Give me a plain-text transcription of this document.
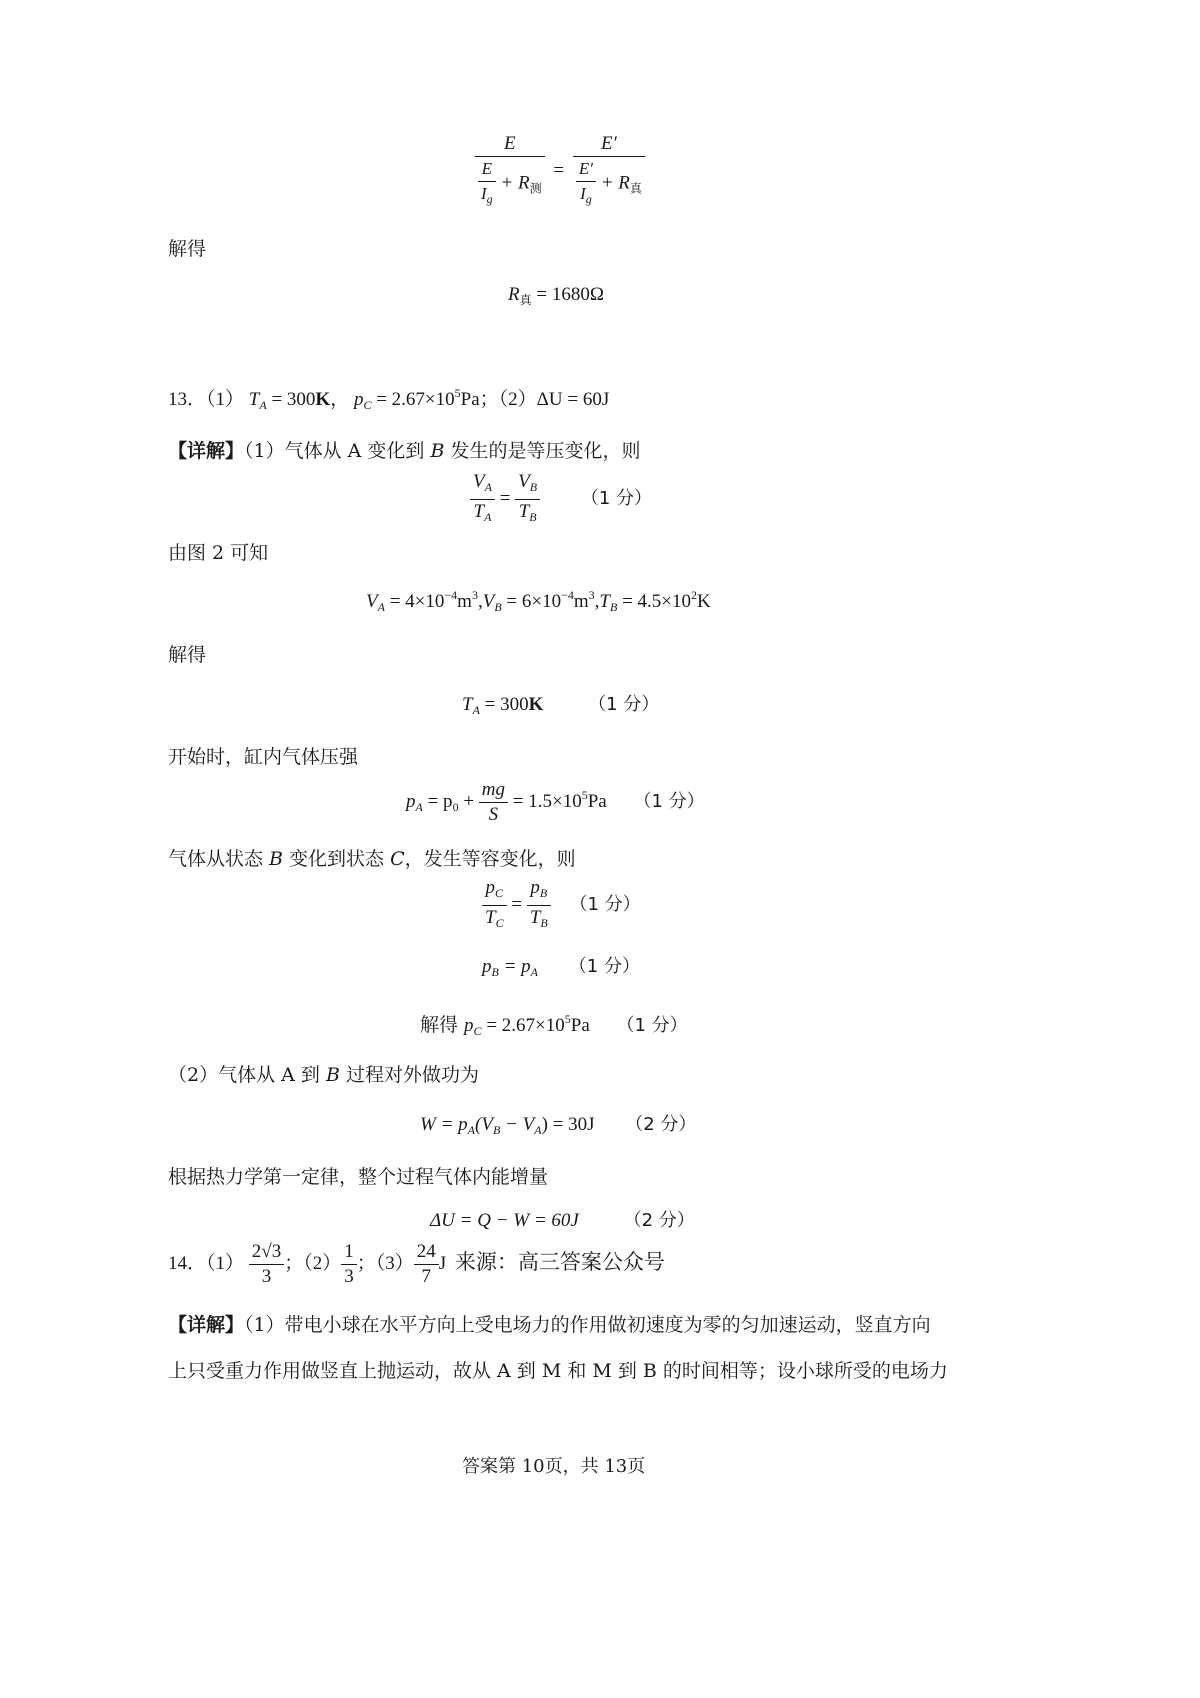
$\frac{E}{\frac{E}{I_g} + R_测} = \frac{E'}{\frac{E'}{I_g} + R_真}$
解得
$R_真 = 1680\Omega$
13．（1） $T_A = 300K$， $p_C = 2.67\times 10^5Pa$；（2）ΔU = 60J
【详解】（1）气体从 A 变化到 B 发生的是等压变化，则
$\frac{V_A}{T_A} = \frac{V_B}{T_B} (1$ 分）
由图 2 可知
$V_A = 4\times 10^{-4}m^3,V_B = 6\times 10^{-4}m^3,T_B = 4.5\times 10^2K$
解得
$T_A = 300K$ （1 分）
开始时，缸内气体压强
$p_A = p_0 + \frac{mg}{S} = 1.5\times 10^5Pa$ （1 分）
气体从状态 B 变化到状态 C，发生等容变化，则
$\frac{p_C}{T_C} = \frac{p_B}{T_B} (1$ 分）
$p_B = p_A$ （1 分）
解得 $p_C = 2.67\times 10^5Pa$ （1 分）
（2）气体从 A 到 B 过程对外做功为
$W = p_A(V_B - V_A) = 30J$ （2 分）
根据热力学第一定律，整个过程气体内能增量
ΔU = Q − W = 60J （2 分）
14．$(1) \frac{2√3}{3}$ ；$(2) \frac{1}{3}$ ；$(3) \frac{24}{7}$ J 来源：高三答案公众号
【详解】（1）带电小球在水平方向上受电场力的作用做初速度为零的匀加速运动，竖直方向
上只受重力作用做竖直上抛运动，故从 A 到 M 和 M 到 B 的时间相等；设小球所受的电场力
答案第 10页，共 13页
